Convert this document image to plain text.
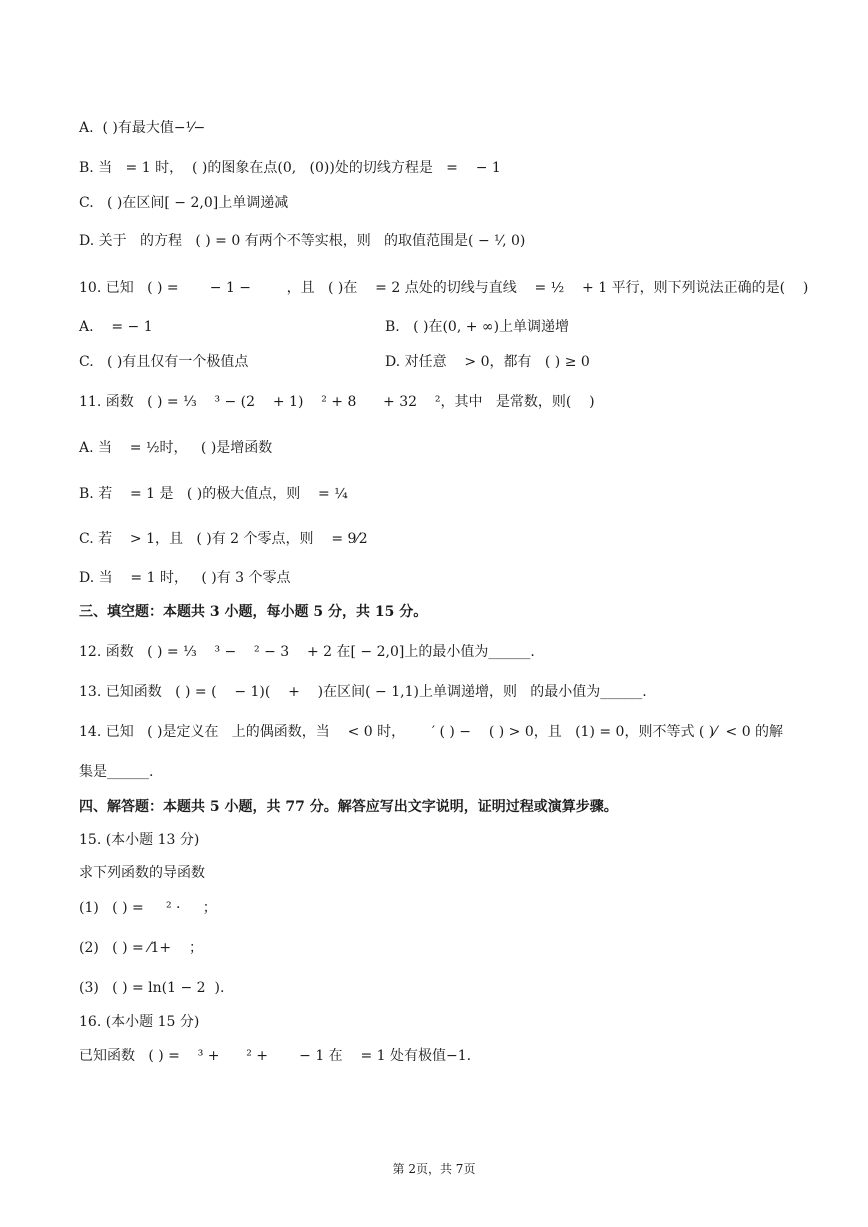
A.  ( )有最大值−¹⁄−
B. 当   = 1 时，  ( )的图象在点(0,   (0))处的切线方程是   =    − 1
C.   ( )在区间[ − 2,0]上单调递减
D. 关于   的方程   ( ) = 0 有两个不等实根，则   的取值范围是( − ¹⁄, 0)
10. 已知   ( ) =       − 1 −        ，且   ( )在    = 2 点处的切线与直线    = ½    + 1 平行，则下列说法正确的是(    )
A.    = − 1	B.   ( )在(0, + ∞)上单调递增
C.   ( )有且仅有一个极值点	D. 对任意    > 0，都有   ( ) ≥ 0
11. 函数   ( ) = ⅓    ³ − (2    + 1)    ² + 8      + 32    ²，其中   是常数，则(    )
A. 当    = ½时，   ( )是增函数
B. 若    = 1 是   ( )的极大值点，则    = ¼
C. 若    > 1，且   ( )有 2 个零点，则    = 9⁄2
D. 当    = 1 时，   ( )有 3 个零点
三、填空题：本题共 3 小题，每小题 5 分，共 15 分。
12. 函数   ( ) = ⅓    ³ −    ² − 3    + 2 在[ − 2,0]上的最小值为______.
13. 已知函数   ( ) = (    − 1)(    +    )在区间( − 1,1)上单调递增，则   的最小值为______.
14. 已知   ( )是定义在   上的偶函数，当    < 0 时，      ′ ( ) −    ( ) > 0，且   (1) = 0，则不等式 ( )⁄  < 0 的解
集是______.
四、解答题：本题共 5 小题，共 77 分。解答应写出文字说明，证明过程或演算步骤。
15. (本小题 13 分)
求下列函数的导函数
(1)   ( ) =     ² ·     ；
(2)   ( ) = ⁄1+    ；
(3)   ( ) = ln(1 − 2  ).
16. (本小题 15 分)
已知函数   ( ) =    ³ +      ² +       − 1 在    = 1 处有极值−1.
第 2页，共 7页
